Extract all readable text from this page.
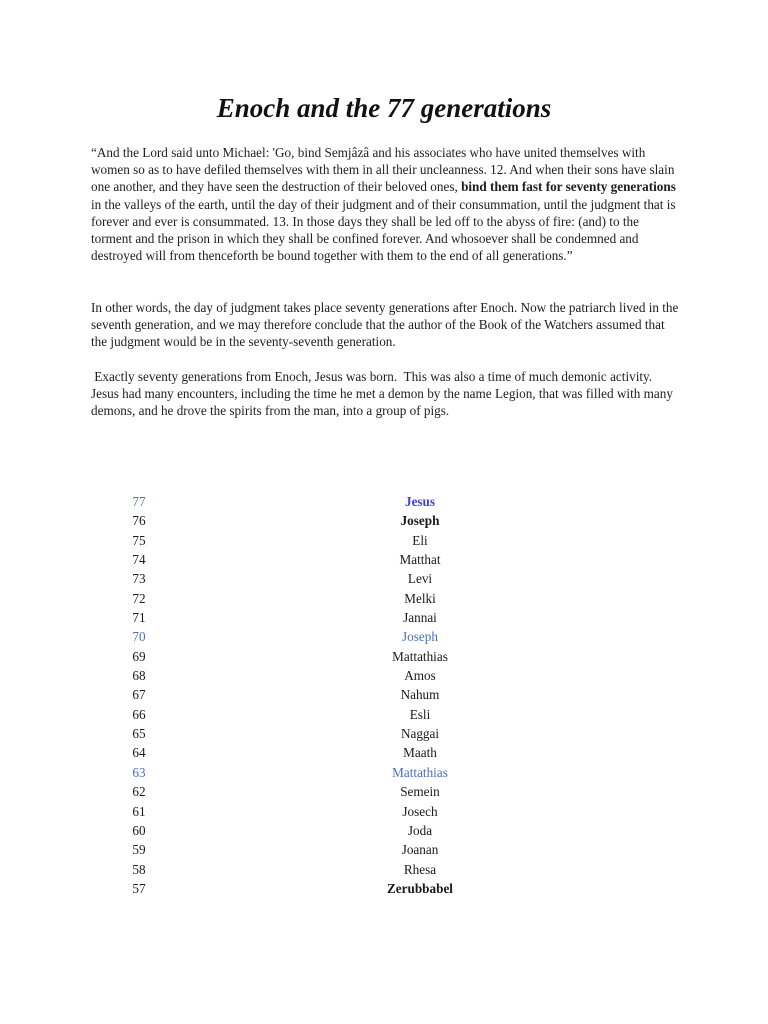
Enoch and the 77 generations

“And the Lord said unto Michael: 'Go, bind Semjâzâ and his associates who have united themselves with women so as to have defiled themselves with them in all their uncleanness. 12. And when their sons have slain one another, and they have seen the destruction of their beloved ones, bind them fast for seventy generations in the valleys of the earth, until the day of their judgment and of their consummation, until the judgment that is forever and ever is consummated. 13. In those days they shall be led off to the abyss of fire: (and) to the torment and the prison in which they shall be confined forever. And whosoever shall be condemned and destroyed will from thenceforth be bound together with them to the end of all generations.”

In other words, the day of judgment takes place seventy generations after Enoch. Now the patriarch lived in the seventh generation, and we may therefore conclude that the author of the Book of the Watchers assumed that the judgment would be in the seventy-seventh generation.

Exactly seventy generations from Enoch, Jesus was born.  This was also a time of much demonic activity. Jesus had many encounters, including the time he met a demon by the name Legion, that was filled with many demons, and he drove the spirits from the man, into a group of pigs.

77	Jesus
76	Joseph
75	Eli
74	Matthat
73	Levi
72	Melki
71	Jannai
70	Joseph
69	Mattathias
68	Amos
67	Nahum
66	Esli
65	Naggai
64	Maath
63	Mattathias
62	Semein
61	Josech
60	Joda
59	Joanan
58	Rhesa
57	Zerubbabel
